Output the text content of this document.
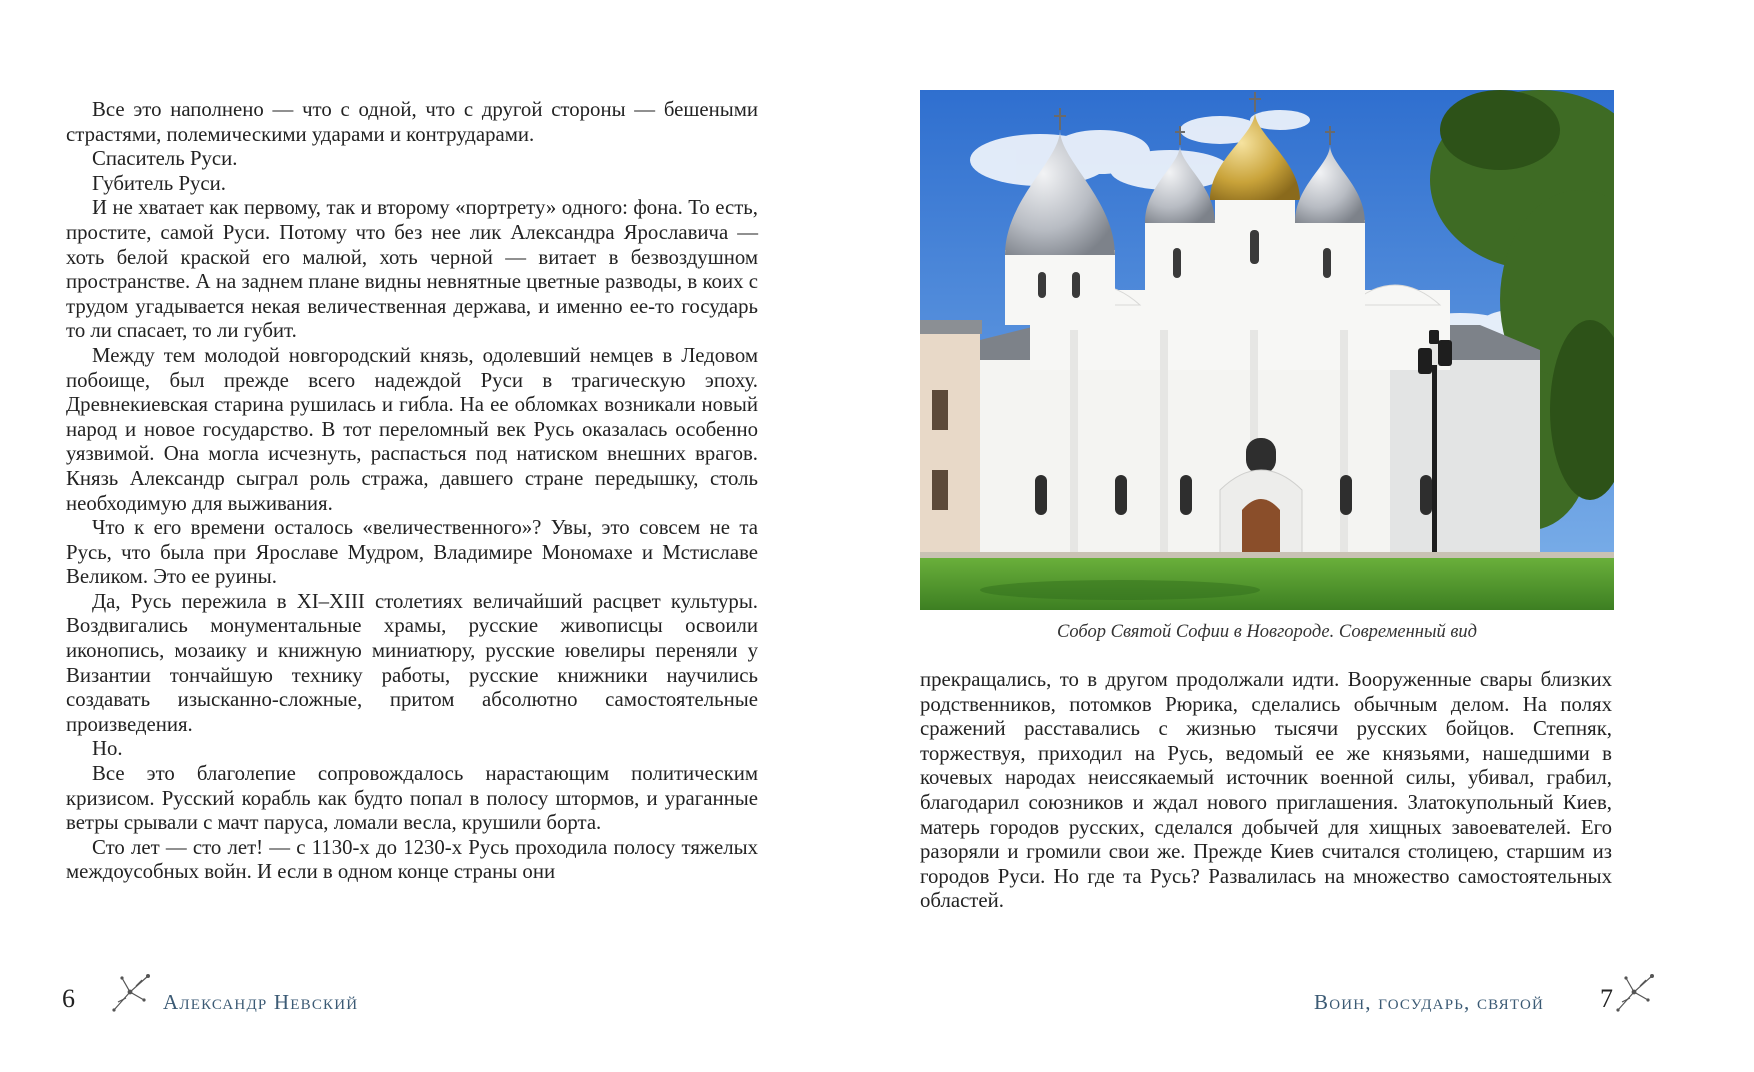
Все это наполнено — что с одной, что с другой стороны — бешеными страстями, полемическими ударами и контрударами.

Спаситель Руси.

Губитель Руси.

И не хватает как первому, так и второму «портрету» одного: фона. То есть, простите, самой Руси. Потому что без нее лик Александра Ярославича — хоть белой краской его малюй, хоть черной — витает в безвоздушном пространстве. А на заднем плане видны невнятные цветные разводы, в коих с трудом угадывается некая величественная держава, и именно ее-то государь то ли спасает, то ли губит.

Между тем молодой новгородский князь, одолевший немцев в Ледовом побоище, был прежде всего надеждой Руси в трагическую эпоху. Древнекиевская старина рушилась и гибла. На ее обломках возникали новый народ и новое государство. В тот переломный век Русь оказалась особенно уязвимой. Она могла исчезнуть, распасться под натиском внешних врагов. Князь Александр сыграл роль стража, давшего стране передышку, столь необходимую для выживания.

Что к его времени осталось «величественного»? Увы, это совсем не та Русь, что была при Ярославе Мудром, Владимире Мономахе и Мстиславе Великом. Это ее руины.

Да, Русь пережила в XI–XIII столетиях величайший расцвет культуры. Воздвигались монументальные храмы, русские живописцы освоили иконопись, мозаику и книжную миниатюру, русские ювелиры переняли у Византии тончайшую технику работы, русские книжники научились создавать изысканно-сложные, притом абсолютно самостоятельные произведения.

Но.

Все это благолепие сопровождалось нарастающим политическим кризисом. Русский корабль как будто попал в полосу штормов, и ураганные ветры срывали с мачт паруса, ломали весла, крушили борта.

Сто лет — сто лет! — с 1130-х до 1230-х Русь проходила полосу тяжелых междоусобных войн. И если в одном конце страны они

Собор Святой Софии в Новгороде. Современный вид

прекращались, то в другом продолжали идти. Вооруженные свары близких родственников, потомков Рюрика, сделались обычным делом. На полях сражений расставались с жизнью тысячи русских бойцов. Степняк, торжествуя, приходил на Русь, ведомый ее же князьями, нашедшими в кочевых народах неиссякаемый источник военной силы, убивал, грабил, благодарил союзников и ждал нового приглашения. Златокупольный Киев, матерь городов русских, сделался добычей для хищных завоевателей. Его разоряли и громили свои же. Прежде Киев считался столицею, старшим из городов Руси. Но где та Русь? Развалилась на множество самостоятельных областей.

6	Александр Невский	Воин, государь, святой 7
